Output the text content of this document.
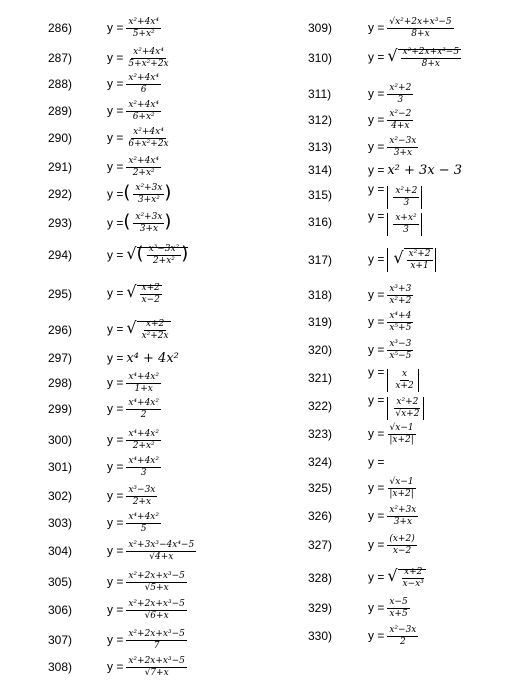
286)	$y = \frac{\text{x²+4x⁴}}{\text{5+x²}}$
287)	$y = \frac{\text{x²+4x⁴}}{\text{5+x²+2x}}$
288)	$y = \frac{\text{x²+4x⁴}}{6}$
289)	$y = \frac{\text{x²+4x⁴}}{\text{6+x²}}$
290)	$y = \frac{\text{x²+4x⁴}}{\text{6+x²+2x}}$
291)	$y = \frac{\text{x²+4x⁴}}{\text{2+x²}}$
292)	y =( $\frac{\text{x²+3x}}{\text{3+x²}}$ )
293)	y =( $\frac{\text{x²+3x}}{3+x}$ )
294)	y = √( $\frac{\text{x³−3x²}}{\text{2+x²}}$ )
295)	y = √ $\frac{x+2}{x-2}$
296)	y = √ $\frac{x+2}{\text{x²+2x}}$
297)	y = x⁴ + 4x²
298)	$y = \frac{\text{x⁴+4x²}}{1+x}$
299)	$y = \frac{\text{x⁴+4x²}}{2}$
300)	$y = \frac{\text{x⁴+4x²}}{\text{2+x²}}$
301)	$y = \frac{\text{x⁴+4x²}}{3}$
302)	$y = \frac{\text{x³−3x}}{2+x}$
303)	$y = \frac{\text{x⁴+4x²}}{5}$
304)	$y = \frac{\text{x²+3x³−4x⁴−5}}{√4+x}$
305)	$y = \frac{\text{x²+2x+x³−5}}{√5+x}$
306)	$y = \frac{\text{x²+2x+x³−5}}{√6+x}$
307)	$y = \frac{\text{x²+2x+x³−5}}{7}$
308)	$y = \frac{\text{x²+2x+x³−5}}{√7+x}$
309)	$y = \frac{\text{√x²+2x+x³−5}}{8+x}$
310)	y = √ $\frac{\text{x²+2x+x³−5}}{8+x}$
311)	$y = \frac{\text{x²+2}}{3}$
312)	$y = \frac{\text{x²−2}}{4+x}$
313)	$y = \frac{\text{x²−3x}}{3+x}$
314)	y = x² + 3x − 3
315)	$y = \frac{\text{x²+2}}{3}$
316)	$y = \frac{\text{x+x²}}{3}$
317)	y = √ $\frac{\text{x²+2}}{x+1}$
318)	$y = \frac{\text{x³+3}}{\text{x²+2}}$
319)	$y = \frac{\text{x⁴+4}}{\text{x⁵+5}}$
320)	$y = \frac{\text{x³−3}}{\text{x⁵−5}}$
321)	$y = \frac{x}{x+2}$
322)	$y = \frac{\text{x²+2}}{√x+2}$
323)	$y = \frac{√x-1}{|x+2|}$
324)	y =
325)	$y = \frac{√x-1}{|x+2|}$
326)	$y = \frac{\text{x²+3x}}{3+x}$
327)	$y = \frac{(x+2)}{x-2}$
328)	y = √ $\frac{x+2}{\text{x−x³}}$
329)	$y = \frac{x-5}{x+5}$
330)	$y = \frac{\text{x²−3x}}{2}$
